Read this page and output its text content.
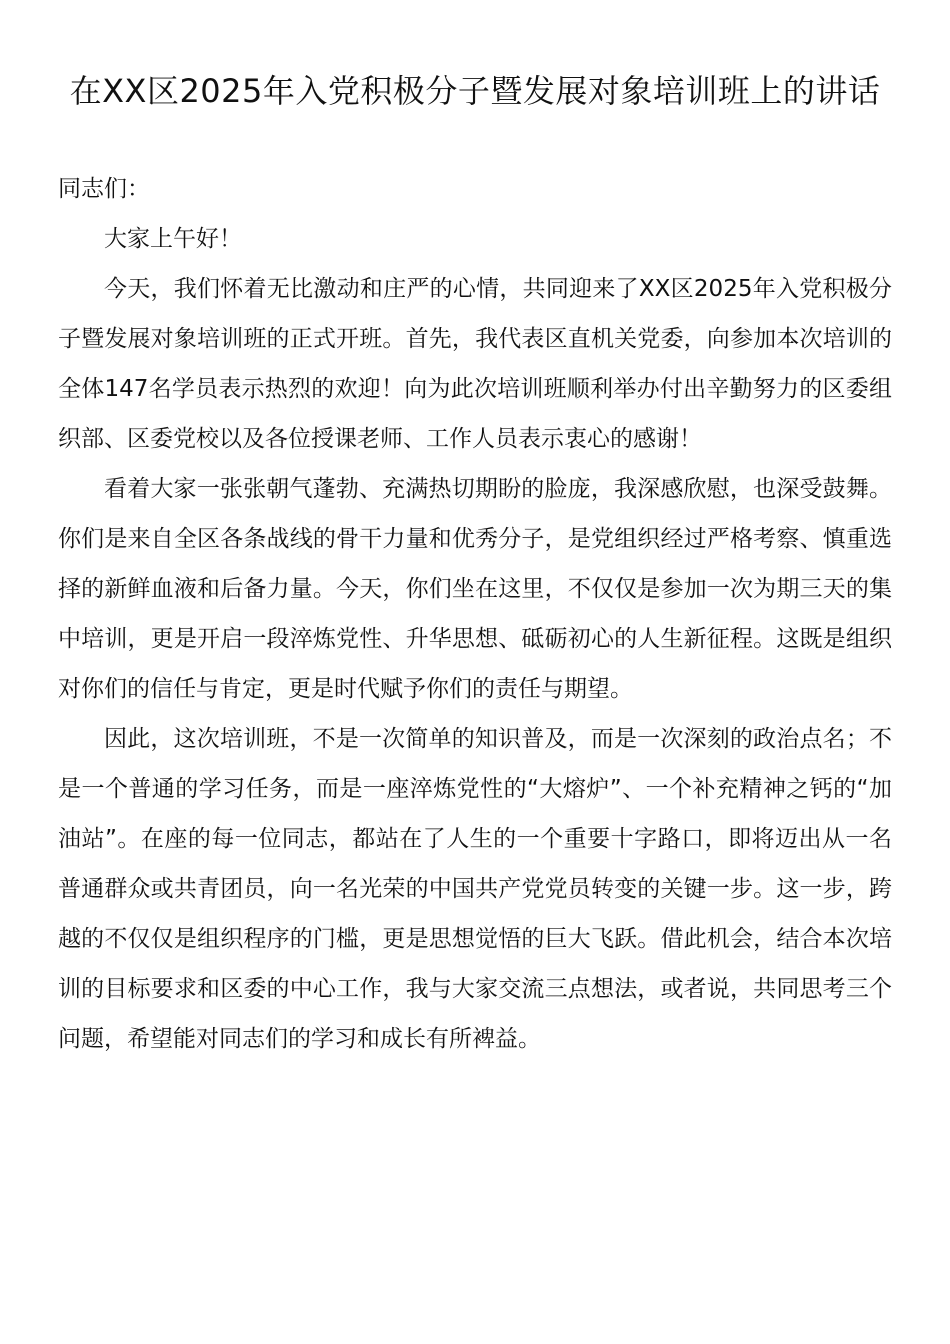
在XX区2025年入党积极分子暨发展对象培训班上的讲话

同志们：

大家上午好！

今天，我们怀着无比激动和庄严的心情，共同迎来了XX区2025年入党积极分子暨发展对象培训班的正式开班。首先，我代表区直机关党委，向参加本次培训的全体147名学员表示热烈的欢迎！向为此次培训班顺利举办付出辛勤努力的区委组织部、区委党校以及各位授课老师、工作人员表示衷心的感谢！

看着大家一张张朝气蓬勃、充满热切期盼的脸庞，我深感欣慰，也深受鼓舞。你们是来自全区各条战线的骨干力量和优秀分子，是党组织经过严格考察、慎重选择的新鲜血液和后备力量。今天，你们坐在这里，不仅仅是参加一次为期三天的集中培训，更是开启一段淬炼党性、升华思想、砥砺初心的人生新征程。这既是组织对你们的信任与肯定，更是时代赋予你们的责任与期望。

因此，这次培训班，不是一次简单的知识普及，而是一次深刻的政治点名；不是一个普通的学习任务，而是一座淬炼党性的“大熔炉”、一个补充精神之钙的“加油站”。在座的每一位同志，都站在了人生的一个重要十字路口，即将迈出从一名普通群众或共青团员，向一名光荣的中国共产党党员转变的关键一步。这一步，跨越的不仅仅是组织程序的门槛，更是思想觉悟的巨大飞跃。借此机会，结合本次培训的目标要求和区委的中心工作，我与大家交流三点想法，或者说，共同思考三个问题，希望能对同志们的学习和成长有所裨益。
